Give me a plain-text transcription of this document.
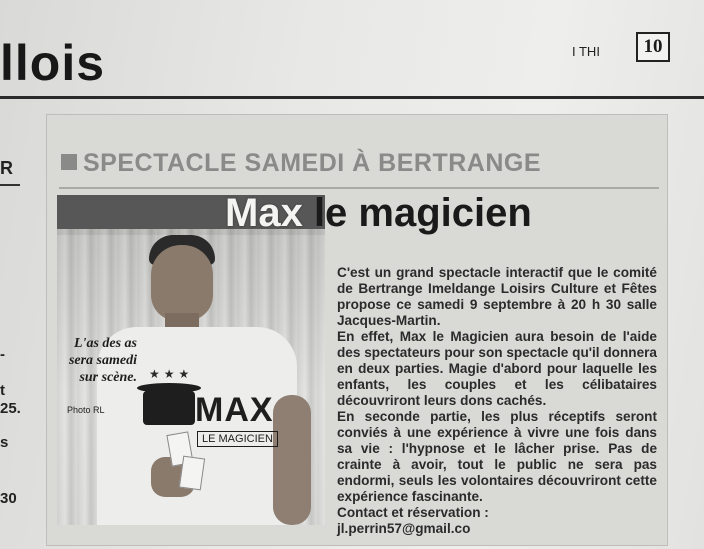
llois	I THI	10
R
-
t
25.
s
30
SPECTACLE SAMEDI À BERTRANGE
★★★
MAX
LE MAGICIEN
L'as des as sera samedi sur scène.
Photo RL
Max le magicien

C'est un grand spectacle interactif que le comité de Bertrange Imeldange Loisirs Culture et Fêtes propose ce samedi 9 septembre à 20 h 30 salle Jacques-Martin.

En effet, Max le Magicien aura besoin de l'aide des spectateurs pour son spectacle qu'il donnera en deux parties. Magie d'abord pour laquelle les enfants, les couples et les célibataires découvriront leurs dons cachés.

En seconde partie, les plus réceptifs seront conviés à une expérience à vivre une fois dans sa vie : l'hypnose et le lâcher prise. Pas de crainte à avoir, tout le public ne sera pas endormi, seuls les volontaires découvriront cette expérience fascinante.

Contact et réservation :

jl.perrin57@gmail.co
